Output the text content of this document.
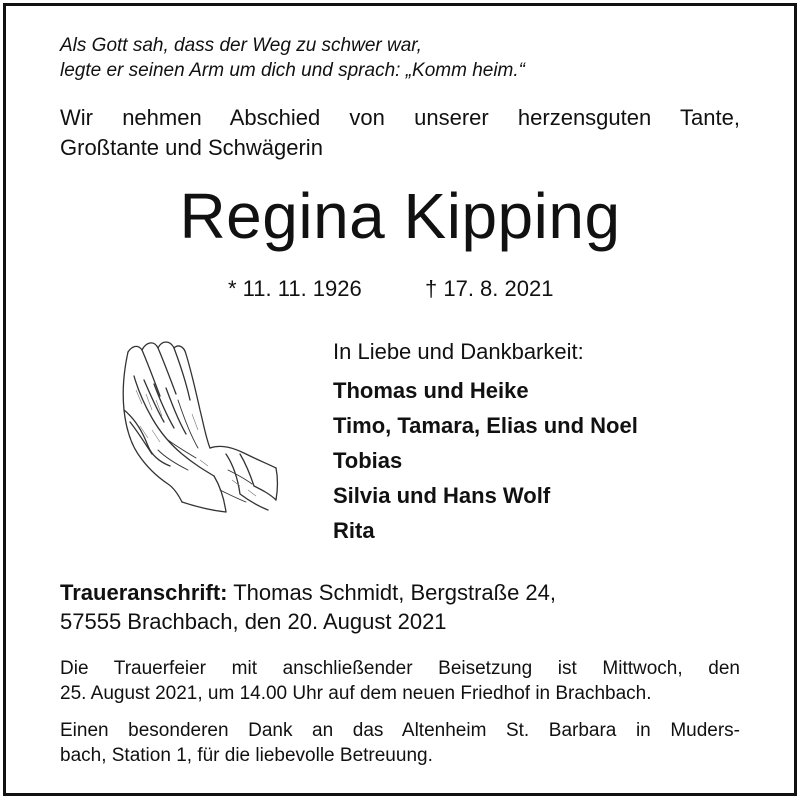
Als Gott sah, dass der Weg zu schwer war,

legte er seinen Arm um dich und sprach: „Komm heim.“

Wir nehmen Abschied von unserer herzensguten Tante,
Großtante und Schwägerin
Regina Kipping
* 11. 11. 1926	† 17. 8. 2021

In Liebe und Dankbarkeit:

Thomas und Heike

Timo, Tamara, Elias und Noel

Tobias

Silvia und Hans Wolf

Rita

Traueranschrift: Thomas Schmidt, Bergstraße 24,

57555 Brachbach, den 20. August 2021

Die Trauerfeier mit anschließender Beisetzung ist Mittwoch, den
25. August 2021, um 14.00 Uhr auf dem neuen Friedhof in Brachbach.
Einen besonderen Dank an das Altenheim St. Barbara in Muders-
bach, Station 1, für die liebevolle Betreuung.
